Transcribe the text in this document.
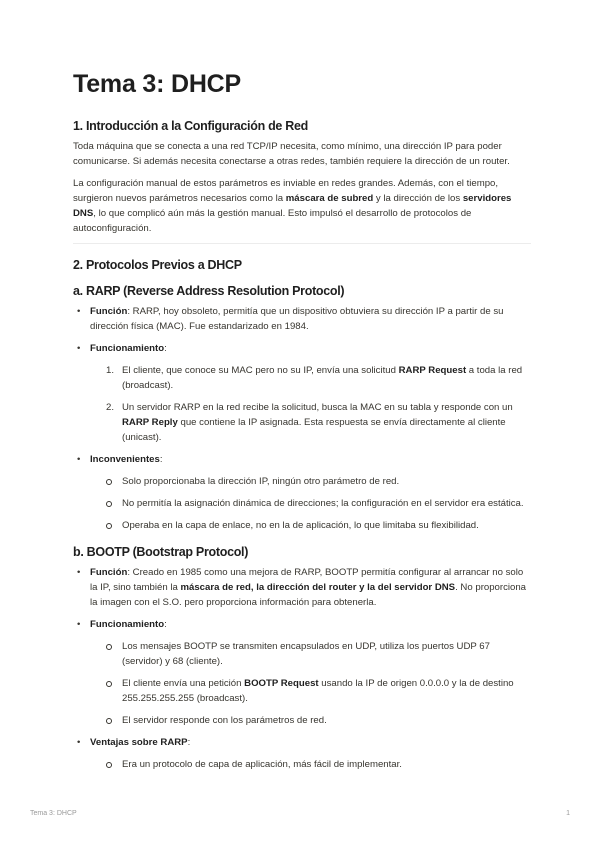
Tema 3: DHCP
1. Introducción a la Configuración de Red

Toda máquina que se conecta a una red TCP/IP necesita, como mínimo, una dirección IP para poder comunicarse. Si además necesita conectarse a otras redes, también requiere la dirección de un router.

La configuración manual de estos parámetros es inviable en redes grandes. Además, con el tiempo, surgieron nuevos parámetros necesarios como la máscara de subred y la dirección de los servidores DNS, lo que complicó aún más la gestión manual. Esto impulsó el desarrollo de protocolos de autoconfiguración.

2. Protocolos Previos a DHCP
a. RARP (Reverse Address Resolution Protocol)
• Función: RARP, hoy obsoleto, permitía que un dispositivo obtuviera su dirección IP a partir de su dirección física (MAC). Fue estandarizado en 1984.
• Funcionamiento:
1. El cliente, que conoce su MAC pero no su IP, envía una solicitud RARP Request a toda la red (broadcast).
2. Un servidor RARP en la red recibe la solicitud, busca la MAC en su tabla y responde con un RARP Reply que contiene la IP asignada. Esta respuesta se envía directamente al cliente (unicast).
• Inconvenientes:
Solo proporcionaba la dirección IP, ningún otro parámetro de red.
No permitía la asignación dinámica de direcciones; la configuración en el servidor era estática.
Operaba en la capa de enlace, no en la de aplicación, lo que limitaba su flexibilidad.
b. BOOTP (Bootstrap Protocol)
• Función: Creado en 1985 como una mejora de RARP, BOOTP permitía configurar al arrancar no solo la IP, sino también la máscara de red, la dirección del router y la del servidor DNS. No proporciona la imagen con el S.O. pero proporciona información para obtenerla.
• Funcionamiento:
Los mensajes BOOTP se transmiten encapsulados en UDP, utiliza los puertos UDP 67 (servidor) y 68 (cliente).
El cliente envía una petición BOOTP Request usando la IP de origen 0.0.0.0 y la de destino 255.255.255.255 (broadcast).
El servidor responde con los parámetros de red.
• Ventajas sobre RARP:
Era un protocolo de capa de aplicación, más fácil de implementar.
Tema 3: DHCP	1
